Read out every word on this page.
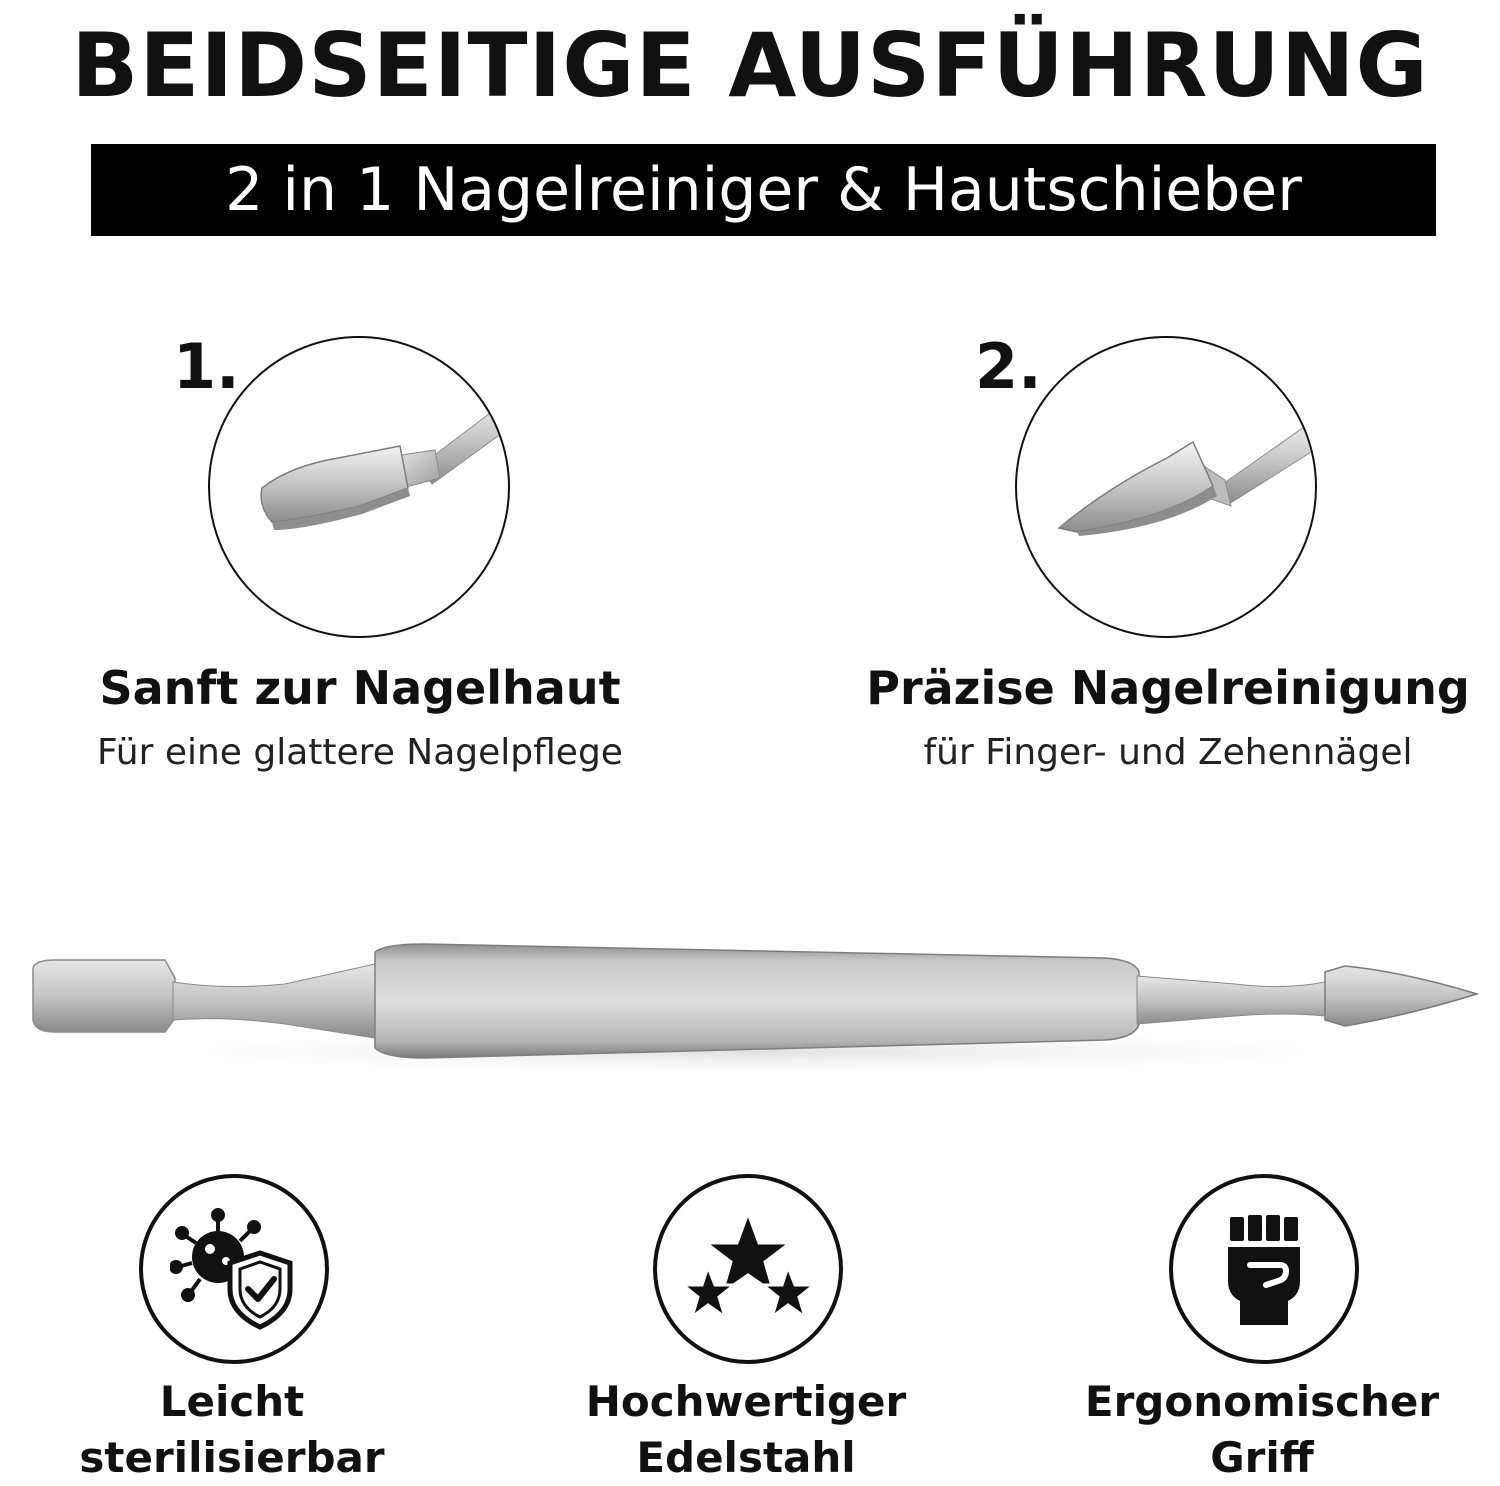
BEIDSEITIGE AUSFÜHRUNG
2 in 1 Nagelreiniger & Hautschieber
1.
Sanft zur Nagelhaut
Für eine glattere Nagelpflege
2.
Präzise Nagelreinigung
für Finger- und Zehennägel
Leicht
sterilisierbar
Hochwertiger
Edelstahl
Ergonomischer
Griff
